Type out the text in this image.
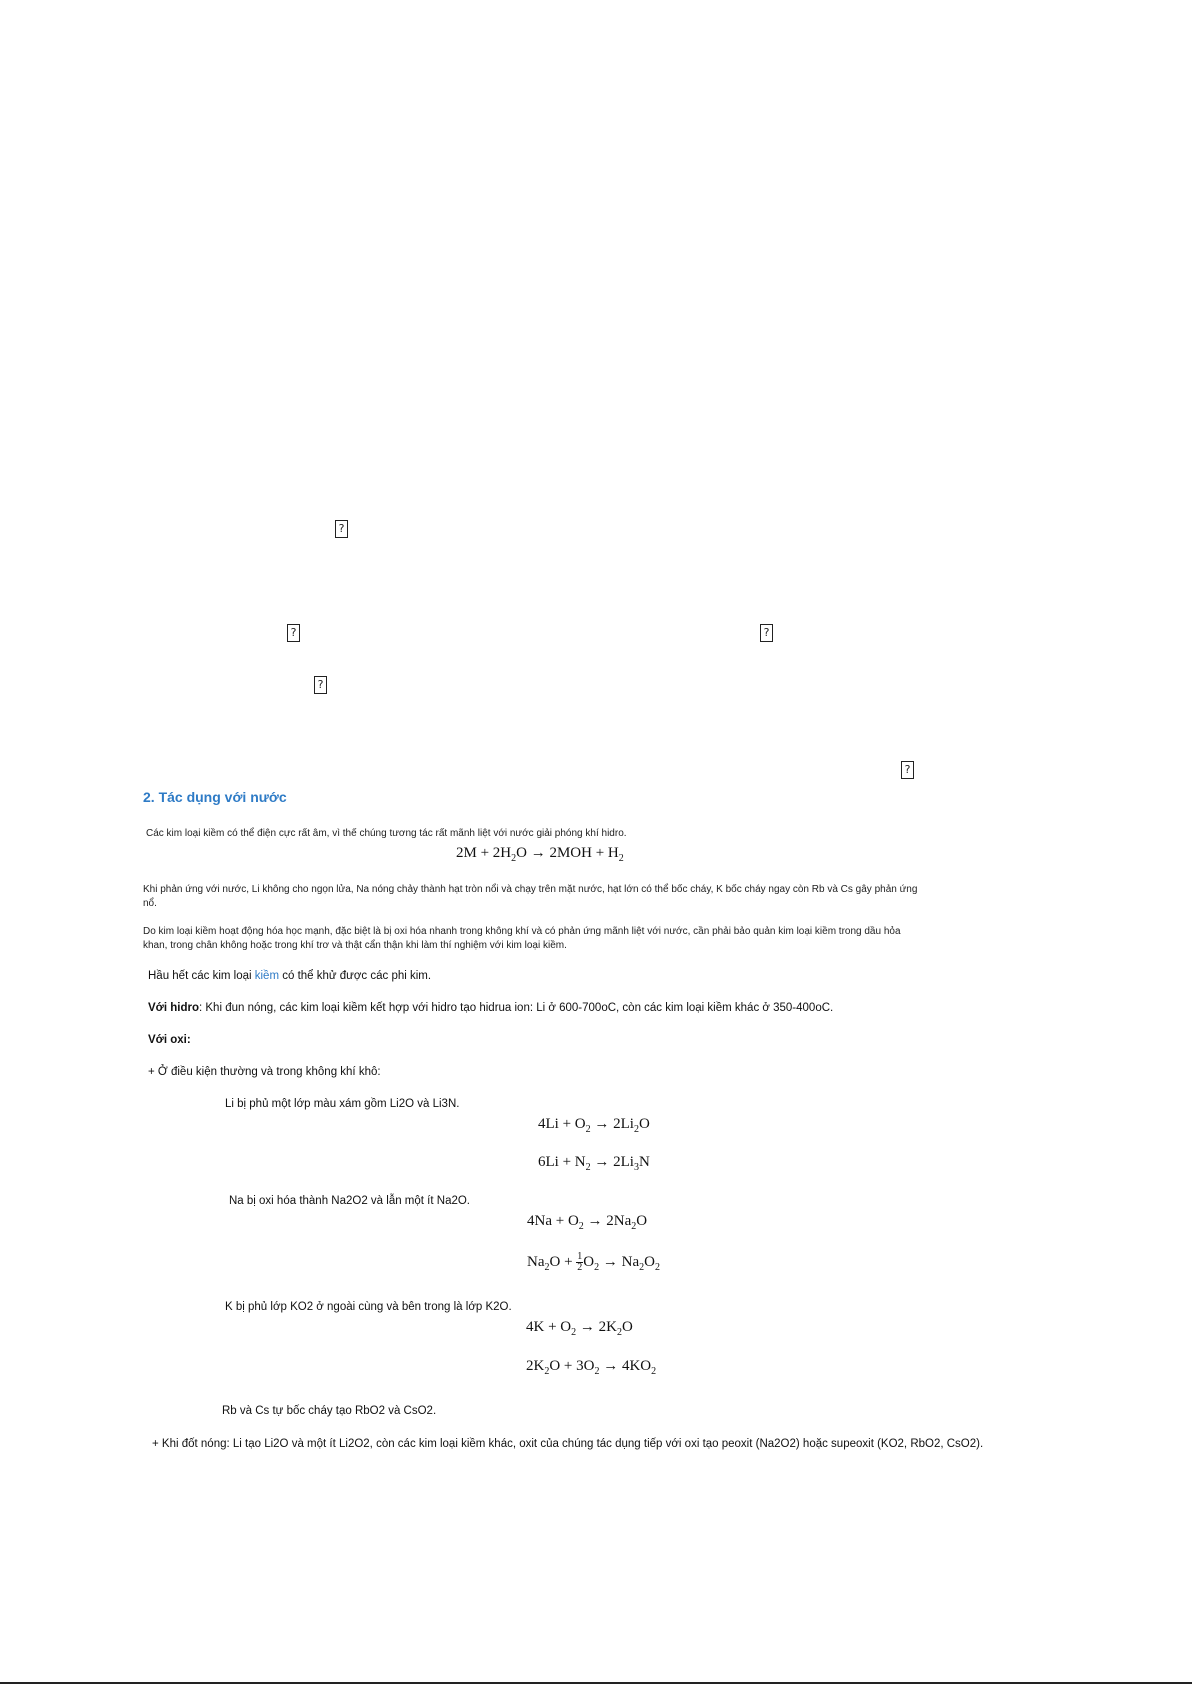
?
?	?
?
?
2. Tác dụng với nước
Các kim loại kiềm có thể điện cực rất âm, vì thế chúng tương tác rất mãnh liệt với nước giải phóng khí hidro.
$2M + 2H_2O \to 2MOH + H_2$
Khi phản ứng với nước, Li không cho ngọn lửa, Na nóng chảy thành hạt tròn nổi và chạy trên mặt nước, hạt lớn có thể bốc cháy, K bốc cháy ngay còn Rb và Cs gây phản ứng
nổ.
Do kim loại kiềm hoạt động hóa học mạnh, đặc biệt là bị oxi hóa nhanh trong không khí và có phản ứng mãnh liệt với nước, cần phải bảo quản kim loại kiềm trong dầu hỏa
khan, trong chân không hoặc trong khí trơ và thật cẩn thận khi làm thí nghiệm với kim loại kiềm.
Hầu hết các kim loại kiềm có thể khử được các phi kim.
Với hidro: Khi đun nóng, các kim loại kiềm kết hợp với hidro tạo hidrua ion: Li ở 600-700oC, còn các kim loại kiềm khác ở 350-400oC.
Với oxi:
+ Ở điều kiện thường và trong không khí khô:
Li bị phủ một lớp màu xám gồm Li2O và Li3N.
$4Li + O_2 \to 2Li_2O$
$6Li + N_2 \to 2Li_3N$
Na bị oxi hóa thành Na2O2 và lẫn một ít Na2O.
$4Na + O_2 \to 2Na_2O$
$Na_2O + \frac{1}{2} O_2 \to Na_2O_2$
K bị phủ lớp KO2 ở ngoài cùng và bên trong là lớp K2O.
$4K + O_2 \to 2K_2O$
$2K_2O + 3O_2 \to 4KO_2$
Rb và Cs tự bốc cháy tạo RbO2 và CsO2.
+ Khi đốt nóng: Li tạo Li2O và một ít Li2O2, còn các kim loại kiềm khác, oxit của chúng tác dụng tiếp với oxi tạo peoxit (Na2O2) hoặc supeoxit (KO2, RbO2, CsO2).
